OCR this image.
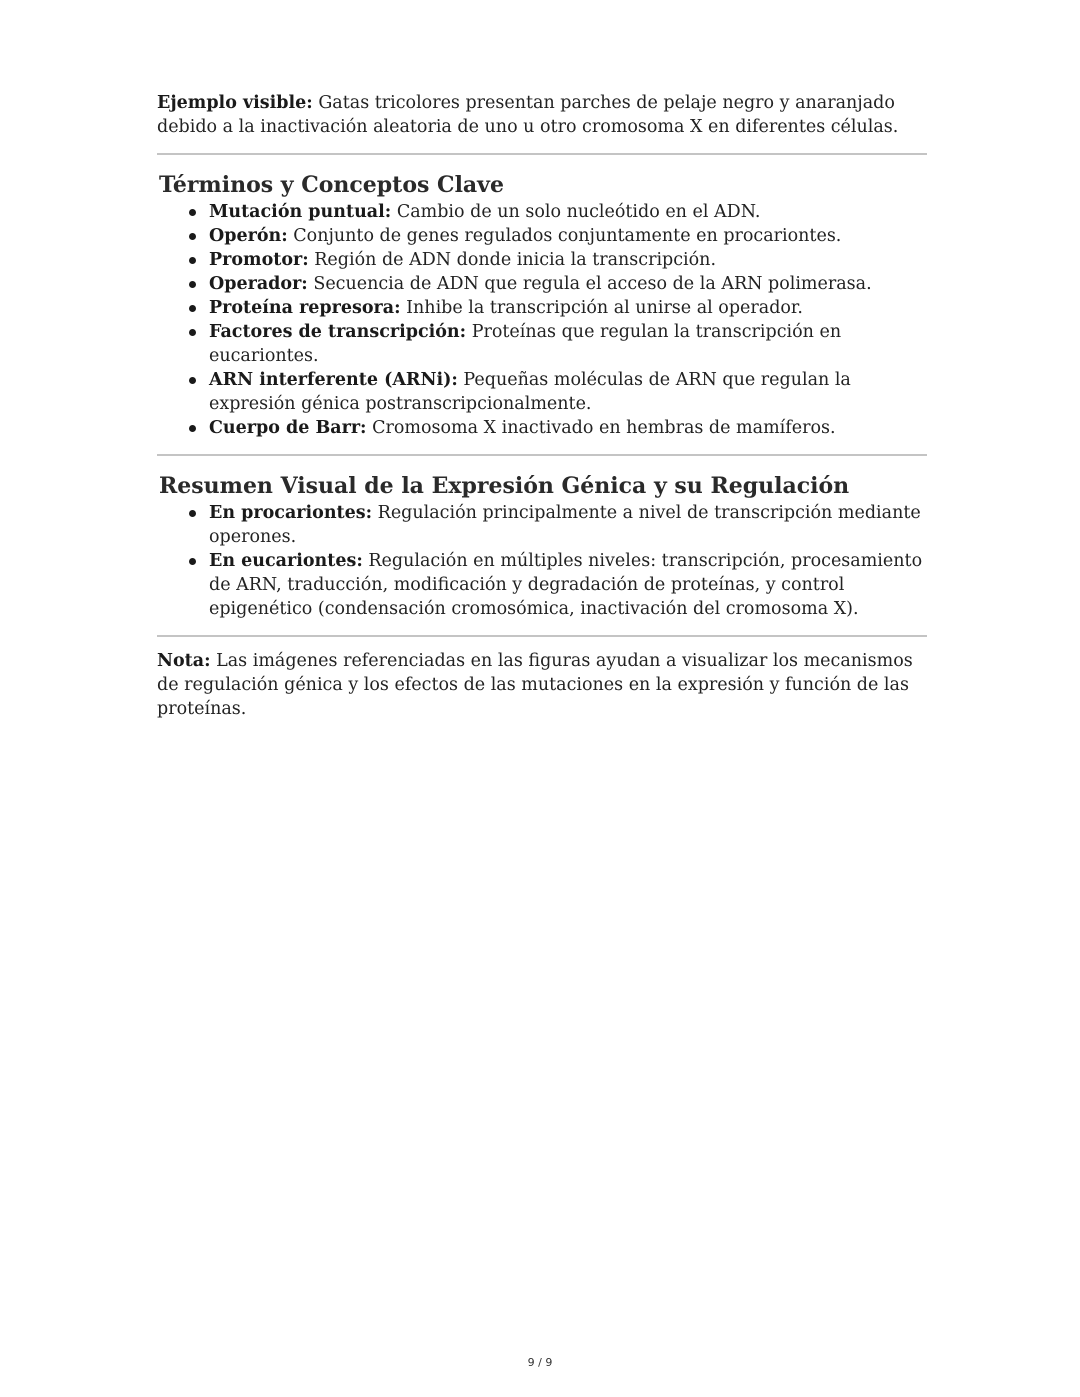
Ejemplo visible: Gatas tricolores presentan parches de pelaje negro y anaranjado debido a la inactivación aleatoria de uno u otro cromosoma X en diferentes células.

Términos y Conceptos Clave
Mutación puntual: Cambio de un solo nucleótido en el ADN.
Operón: Conjunto de genes regulados conjuntamente en procariontes.
Promotor: Región de ADN donde inicia la transcripción.
Operador: Secuencia de ADN que regula el acceso de la ARN polimerasa.
Proteína represora: Inhibe la transcripción al unirse al operador.
Factores de transcripción: Proteínas que regulan la transcripción en eucariontes.
ARN interferente (ARNi): Pequeñas moléculas de ARN que regulan la expresión génica postranscripcionalmente.
Cuerpo de Barr: Cromosoma X inactivado en hembras de mamíferos.
Resumen Visual de la Expresión Génica y su Regulación
En procariontes: Regulación principalmente a nivel de transcripción mediante operones.
En eucariontes: Regulación en múltiples niveles: transcripción, procesamiento de ARN, traducción, modificación y degradación de proteínas, y control epigenético (condensación cromosómica, inactivación del cromosoma X).

Nota: Las imágenes referenciadas en las figuras ayudan a visualizar los mecanismos de regulación génica y los efectos de las mutaciones en la expresión y función de las proteínas.

9 / 9
